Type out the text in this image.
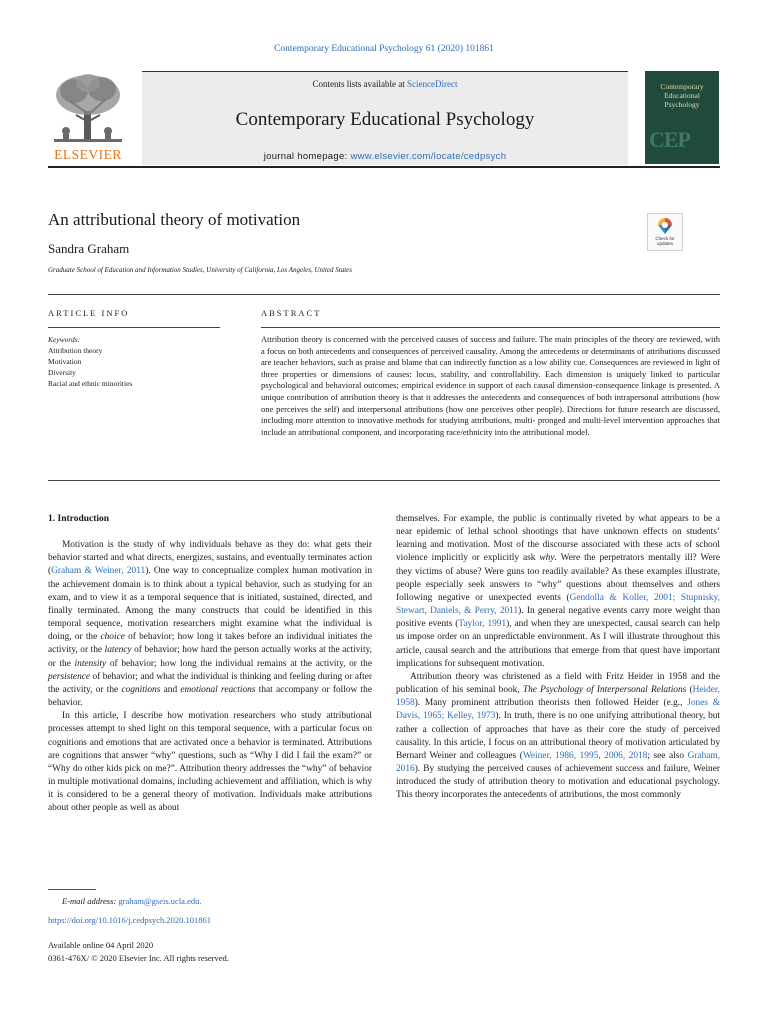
Contemporary Educational Psychology 61 (2020) 101861
ELSEVIER
Contents lists available at ScienceDirect
Contemporary Educational Psychology
journal homepage: www.elsevier.com/locate/cedpsych
Contemporary
Educational
Psychology
CEP
An attributional theory of motivation
Sandra Graham
Graduate School of Education and Information Studies, University of California, Los Angeles, United States
Check for
updates
ARTICLE INFO	ABSTRACT
Keywords:
Attribution theory
Motivation
Diversity
Racial and ethnic minorities
Attribution theory is concerned with the perceived causes of success and failure. The main principles of the theory are reviewed, with a focus on both antecedents and consequences of perceived causality. Among the antecedents or determinants of attributions discussed are teacher behaviors, such as praise and blame that can indirectly function as a low ability cue. Consequences are reviewed in light of three properties or dimensions of causes: locus, stability, and controllability. Each dimension is uniquely linked to particular psychological and behavioral outcomes; empirical evidence in support of each causal dimension-consequence linkage is presented. A unique contribution of attribution theory is that it addresses the antecedents and consequences of both intrapersonal attributions (how one perceives the self) and interpersonal attributions (how one perceives other people). Directions for future research are discussed, including more attention to innovative methods for studying attributions, multi- pronged and multi-level intervention approaches that include an attributional component, and incorporating race/ethnicity into the attributional model.

1. Introduction

Motivation is the study of why individuals behave as they do: what gets their behavior started and what directs, energizes, sustains, and eventually terminates action (Graham & Weiner, 2011). One way to conceptualize complex human motivation in the achievement domain is to think about a typical behavior, such as studying for an exam, and to view it as a temporal sequence that is initiated, sustained, directed, and finally terminated. Among the many constructs that could be identified in this temporal sequence, motivation researchers might examine what the individual is doing, or the choice of behavior; how long it takes before an individual initiates the activity, or the latency of behavior; how hard the person actually works at the activity, or the intensity of behavior; how long the individual remains at the activity, or the persistence of behavior; and what the individual is thinking and feeling during or after the activity, or the cognitions and emotional reactions that accompany or follow the behavior.

In this article, I describe how motivation researchers who study attributional processes attempt to shed light on this temporal sequence, with a particular focus on cognitions and emotions that are activated once a behavior is terminated. Attributions are cognitions that answer “why” questions, such as “Why I did I fail the exam?” or “Why do other kids pick on me?”. Attribution theory addresses the “why” of behavior in multiple motivational domains, including achievement and affiliation, which is why it is considered to be a general theory of motivation. Individuals make attributions about other people as well as about

themselves. For example, the public is continually riveted by what appears to be a near epidemic of lethal school shootings that have unknown effects on students’ learning and motivation. Most of the discourse associated with these acts of school violence implicitly or explicitly ask why. Were the perpetrators mentally ill? Were they victims of abuse? Were guns too readily available? As these examples illustrate, people especially seek answers to “why” questions about themselves and others following negative or unexpected events (Gendolla & Koller, 2001; Stupnisky, Stewart, Daniels, & Perry, 2011). In general negative events carry more weight than positive events (Taylor, 1991), and when they are unexpected, causal search can help us impose order on an unpredictable environment. As I will illustrate throughout this article, causal search and the attributions that emerge from that quest have important implications for subsequent motivation.

Attribution theory was christened as a field with Fritz Heider in 1958 and the publication of his seminal book, The Psychology of Interpersonal Relations (Heider, 1958). Many prominent attribution theorists then followed Heider (e.g., Jones & Davis, 1965; Kelley, 1973). In truth, there is no one unifying attributional theory, but rather a collection of approaches that have as their core the study of perceived causality. In this article, I focus on an attributional theory of motivation articulated by Bernard Weiner and colleagues (Weiner, 1986, 1995, 2006, 2018; see also Graham, 2016). By studying the perceived causes of achievement success and failure, Weiner introduced the study of attribution theory to motivation and educational psychology. This theory incorporates the antecedents of attributions, the most commonly

E-mail address: graham@gseis.ucla.edu.
https://doi.org/10.1016/j.cedpsych.2020.101861
Available online 04 April 2020
0361-476X/ © 2020 Elsevier Inc. All rights reserved.
